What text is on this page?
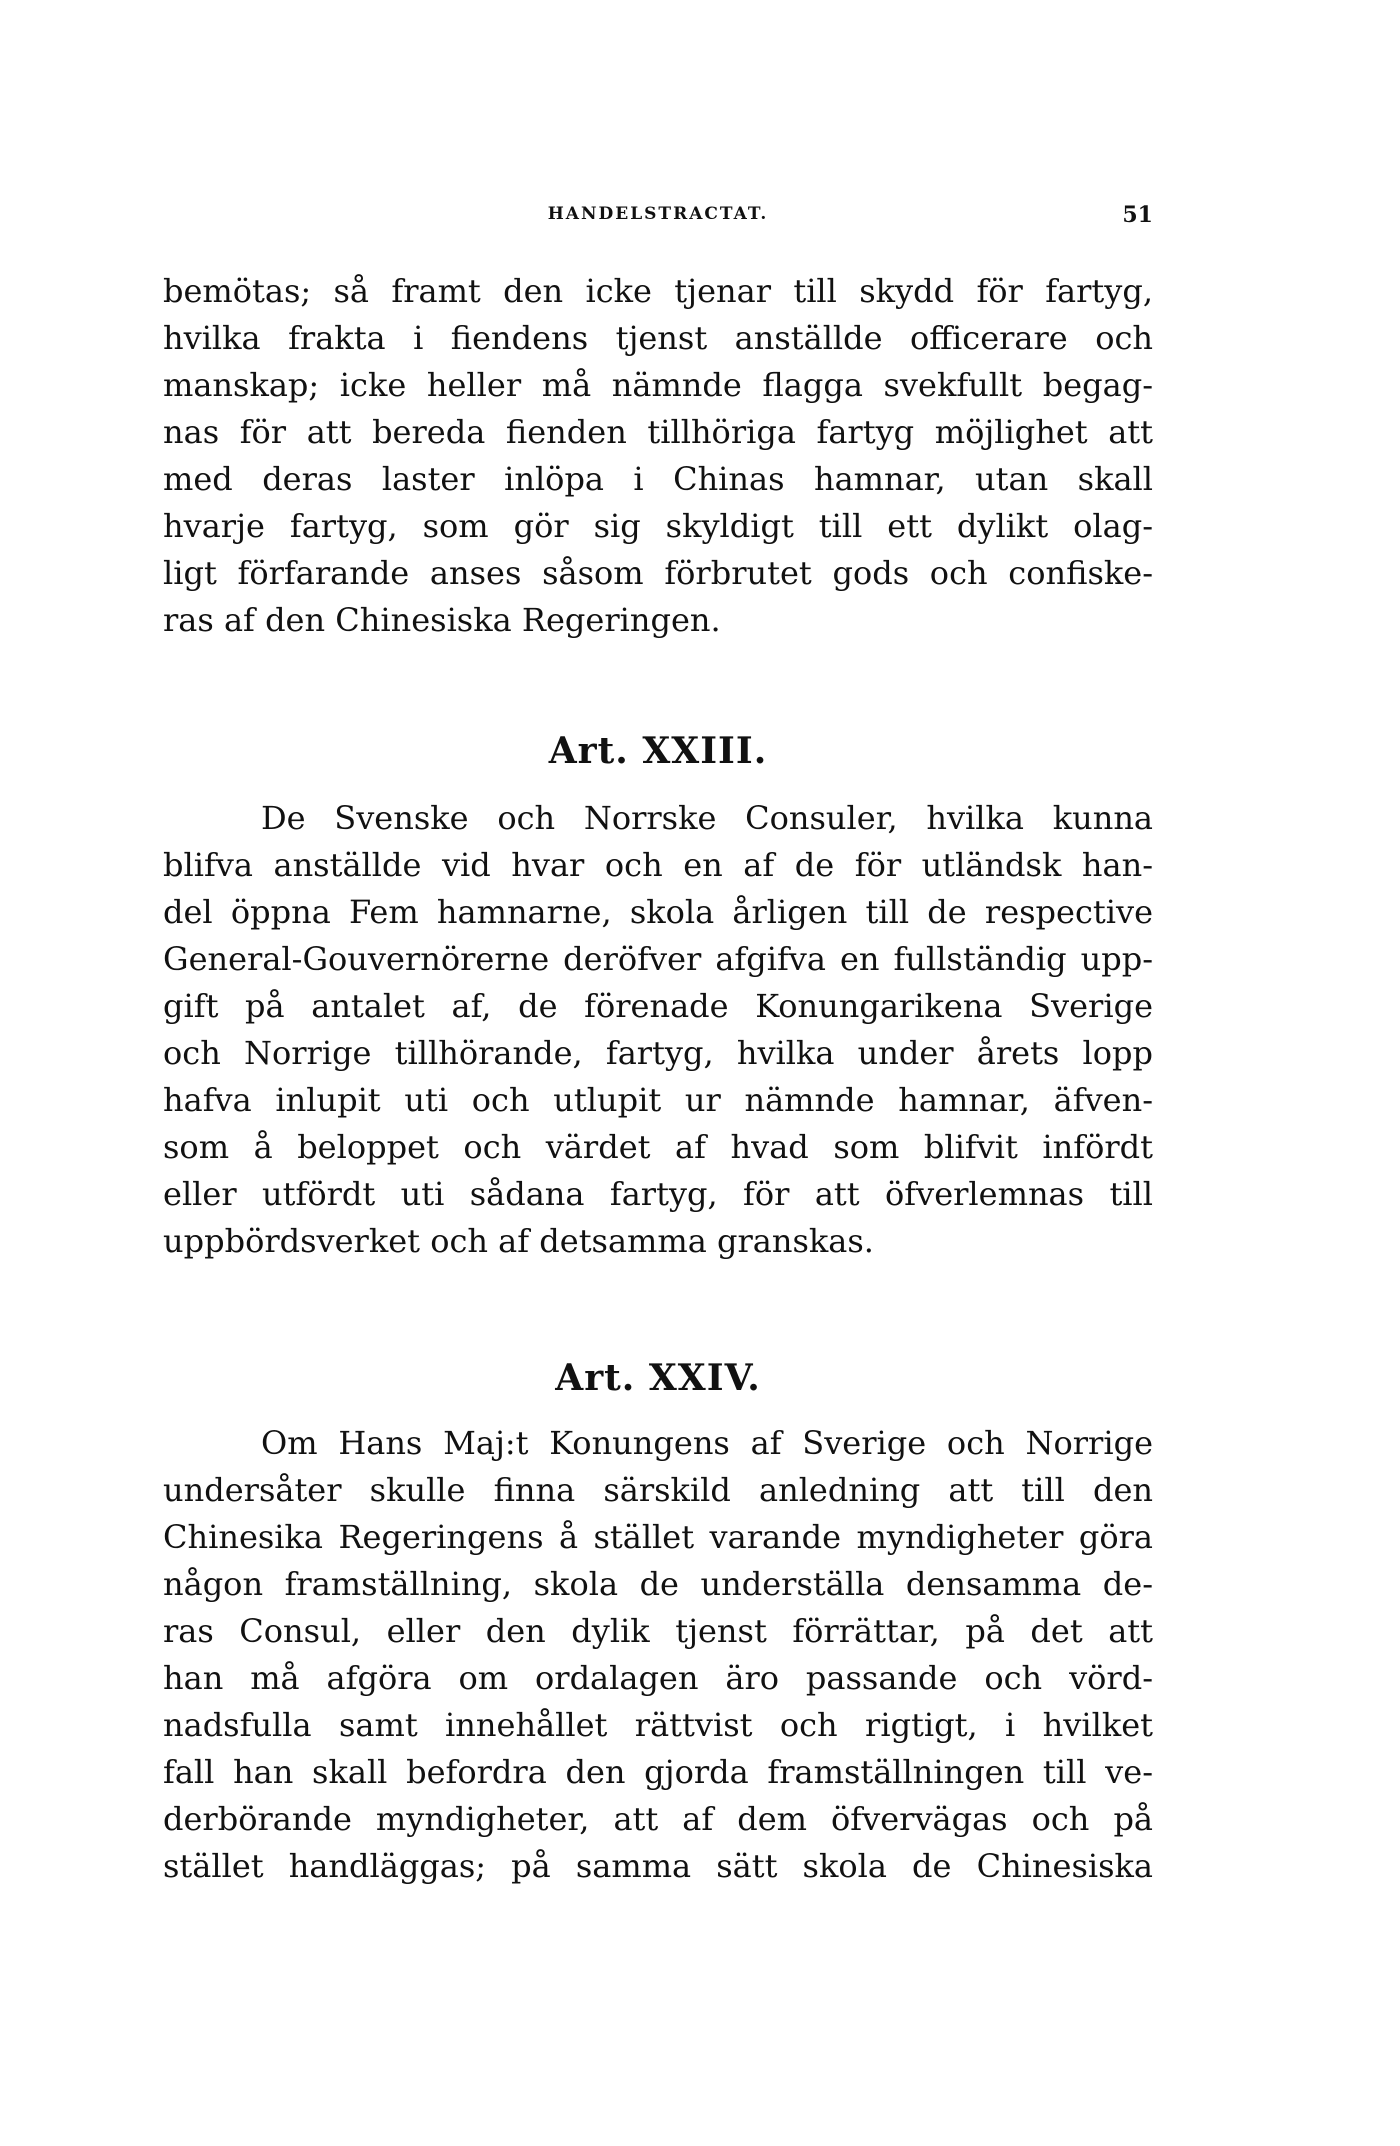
HANDELSTRACTAT.	51
bemötas; så framt den icke tjenar till skydd för fartyg,
hvilka frakta i fiendens tjenst anställde officerare och
manskap; icke heller må nämnde flagga svekfullt begag-
nas för att bereda fienden tillhöriga fartyg möjlighet att
med deras laster inlöpa i Chinas hamnar, utan skall
hvarje fartyg, som gör sig skyldigt till ett dylikt olag-
ligt förfarande anses såsom förbrutet gods och confiske-
ras af den Chinesiska Regeringen.
Art. XXIII.
De Svenske och Norrske Consuler, hvilka kunna
blifva anställde vid hvar och en af de för utländsk han-
del öppna Fem hamnarne, skola årligen till de respective
General-Gouvernörerne deröfver afgifva en fullständig upp-
gift på antalet af, de förenade Konungarikena Sverige
och Norrige tillhörande, fartyg, hvilka under årets lopp
hafva inlupit uti och utlupit ur nämnde hamnar, äfven-
som å beloppet och värdet af hvad som blifvit infördt
eller utfördt uti sådana fartyg, för att öfverlemnas till
uppbördsverket och af detsamma granskas.
Art. XXIV.
Om Hans Maj:t Konungens af Sverige och Norrige
undersåter skulle finna särskild anledning att till den
Chinesika Regeringens å stället varande myndigheter göra
någon framställning, skola de underställa densamma de-
ras Consul, eller den dylik tjenst förrättar, på det att
han må afgöra om ordalagen äro passande och vörd-
nadsfulla samt innehållet rättvist och rigtigt, i hvilket
fall han skall befordra den gjorda framställningen till ve-
derbörande myndigheter, att af dem öfvervägas och på
stället handläggas; på samma sätt skola de Chinesiska
